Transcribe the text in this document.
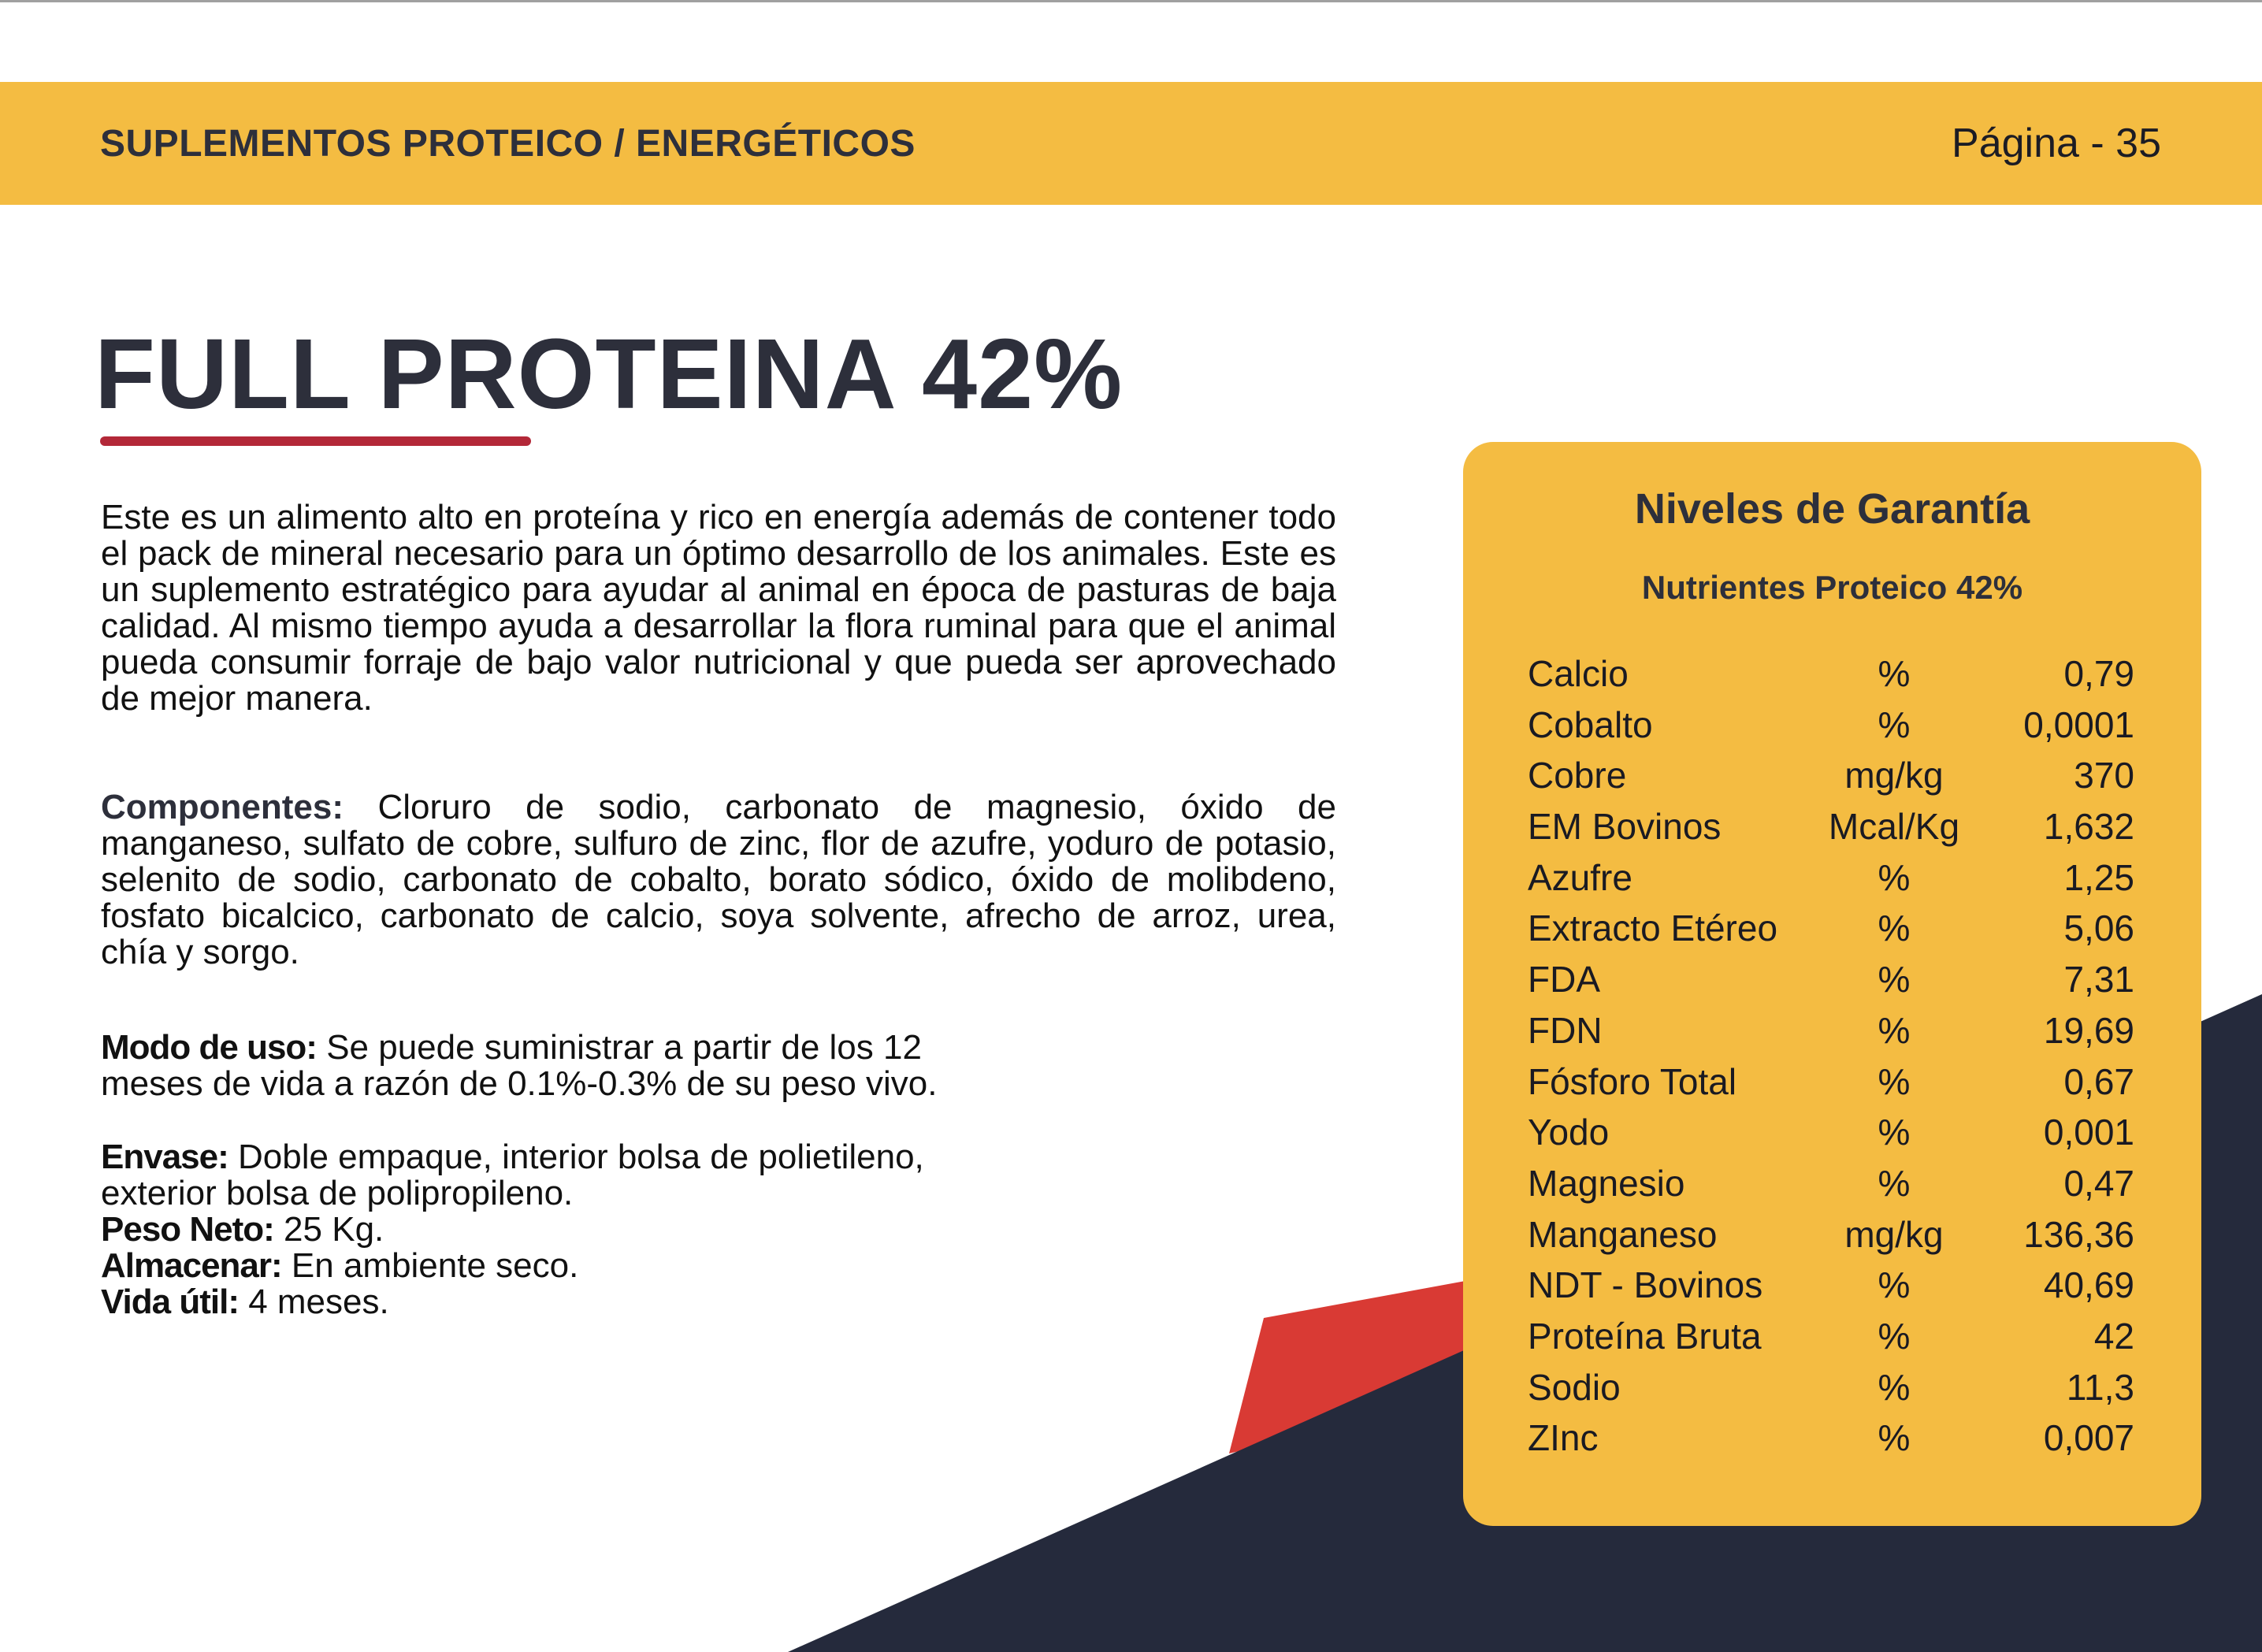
SUPLEMENTOS PROTEICO / ENERGÉTICOS	Página - 35
FULL PROTEINA 42%

Este es un alimento alto en proteína y rico en energía además de contener todo el pack de mineral necesario para un óptimo desarrollo de los animales. Este es un suplemento estratégico para ayudar al animal en época de pasturas de baja calidad. Al mismo tiempo ayuda a desarrollar la flora ruminal para que el animal pueda consumir forraje de bajo valor nutricional y que pueda ser aprovechado de mejor manera.

Componentes: Cloruro de sodio, carbonato de magnesio, óxido de manganeso, sulfato de cobre, sulfuro de zinc, flor de azufre, yoduro de potasio, selenito de sodio, carbonato de cobalto, borato sódico, óxido de molibdeno, fosfato bicalcico, carbonato de calcio, soya solvente, afrecho de arroz, urea, chía y sorgo.

Modo de uso: Se puede suministrar a partir de los 12
meses de vida a razón de 0.1%-0.3% de su peso vivo.
Envase: Doble empaque, interior bolsa de polietileno,
exterior bolsa de polipropileno.
Peso Neto: 25 Kg.
Almacenar: En ambiente seco.
Vida útil: 4 meses.
Niveles de Garantía
Nutrientes Proteico 42%
Calcio	%	0,79
Cobalto	%	0,0001
Cobre	mg/kg	370
EM Bovinos	Mcal/Kg 1,632
Azufre	%	1,25
Extracto Etéreo	%	5,06
FDA	%	7,31
FDN	%	19,69
Fósforo Total	%	0,67
Yodo	%	0,001
Magnesio	%	0,47
Manganeso	mg/kg	136,36
NDT - Bovinos	%	40,69
Proteína Bruta	%	42
Sodio	%	11,3
ZInc	%	0,007
